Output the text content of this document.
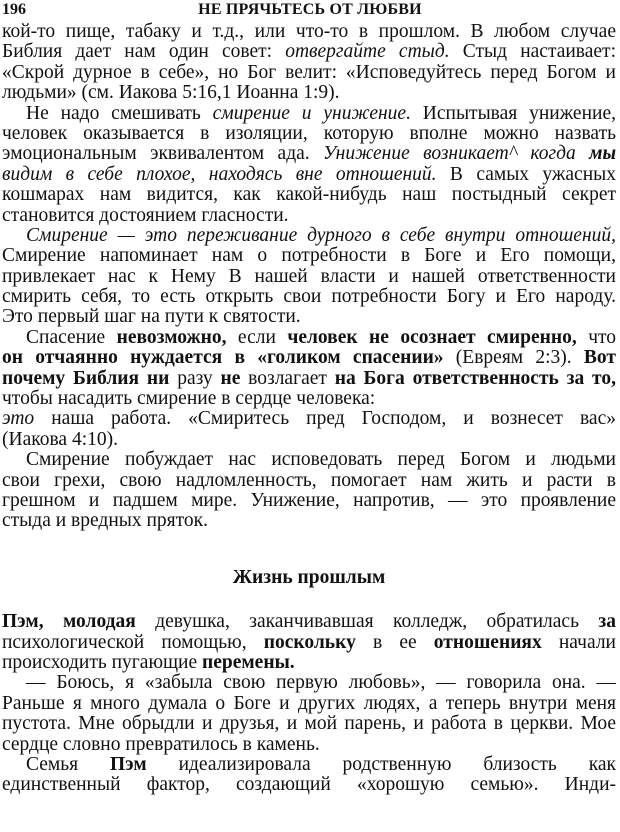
196	НЕ ПРЯЧЬТЕСЬ ОТ ЛЮБВИ
кой-то пище, табаку и т.д., или что-то в прошлом. В любом случае
Библия дает нам один совет: отвергайте стыд. Стыд настаивает:
«Скрой дурное в себе», но Бог велит: «Исповедуйтесь перед Богом и
людьми» (см. Иакова 5:16,1 Иоанна 1:9).
Не надо смешивать смирение и унижение. Испытывая унижение,
человек оказывается в изоляции, которую вполне можно назвать
эмоциональным эквивалентом ада. Унижение возникает^ когда мы
видим в себе плохое, находясь вне отношений. В самых ужасных
кошмарах нам видится, как какой-нибудь наш постыдный секрет
становится достоянием гласности.
Смирение — это переживание дурного в себе внутри отношений,
Смирение напоминает нам о потребности в Боге и Его помощи,
привлекает нас к Нему В нашей власти и нашей ответственности
смирить себя, то есть открыть свои потребности Богу и Его народу.
Это первый шаг на пути к святости.
Спасение невозможно, если человек не осознает смиренно, что
он отчаянно нуждается в «голиком спасении» (Евреям 2:3). Вот
почему Библия ни разу не возлагает на Бога ответственность за то,
чтобы насадить смирение в сердце человека:
это наша работа. «Смиритесь пред Господом, и вознесет вас»
(Иакова 4:10).
Смирение побуждает нас исповедовать перед Богом и людьми
свои грехи, свою надломленность, помогает нам жить и расти в
грешном и падшем мире. Унижение, напротив, — это проявление
стыда и вредных пряток.
Жизнь прошлым
Пэм, молодая девушка, заканчивавшая колледж, обратилась за
психологической помощью, поскольку в ее отношениях начали
происходить пугающие перемены.
— Боюсь, я «забыла свою первую любовь», — говорила она. —
Раньше я много думала о Боге и других людях, а теперь внутри меня
пустота. Мне обрыдли и друзья, и мой парень, и работа в церкви. Мое
сердце словно превратилось в камень.
Семья Пэм идеализировала родственную близость как
единственный фактор, создающий «хорошую семью». Инди-
